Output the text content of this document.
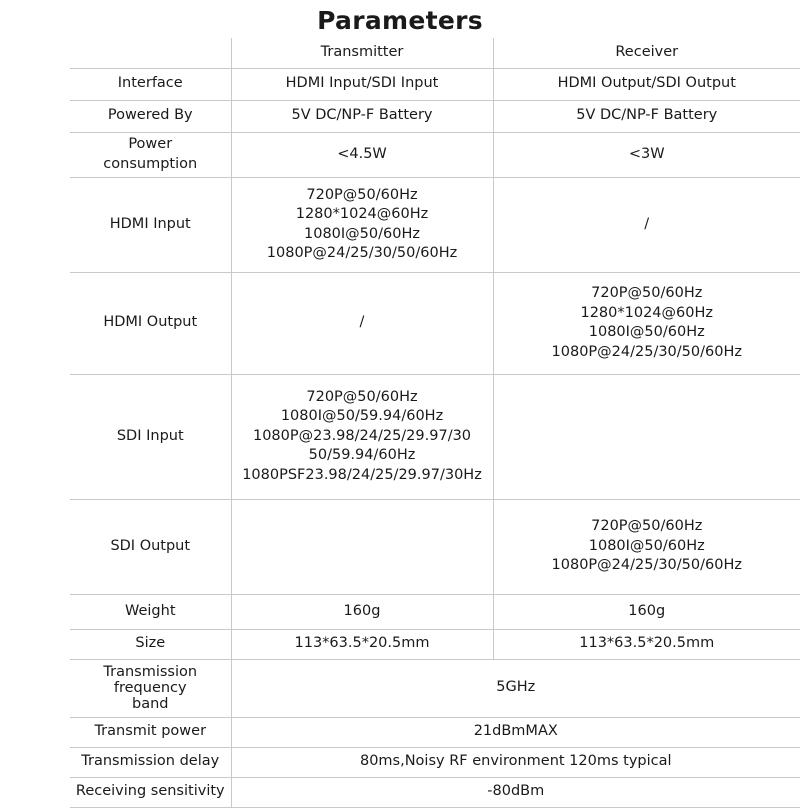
Parameters
	Transmitter	Receiver
Interface	HDMI Input/SDI Input	HDMI Output/SDI Output
Powered By	5V DC/NP-F Battery	5V DC/NP-F Battery

Power
consumption	<4.5W	<3W
HDMI Input	720P@50/60Hz
1280*1024@60Hz
1080I@50/60Hz
1080P@24/25/30/50/60Hz	/
HDMI Output	/	720P@50/60Hz
1280*1024@60Hz
1080I@50/60Hz
1080P@24/25/30/50/60Hz

SDI Input	720P@50/60Hz
1080I@50/59.94/60Hz
1080P@23.98/24/25/29.97/30
50/59.94/60Hz
1080PSF23.98/24/25/29.97/30Hz	

SDI Output		720P@50/60Hz
1080I@50/60Hz
1080P@24/25/30/50/60Hz

Weight	160g	160g
Size	113*63.5*20.5mm	113*63.5*20.5mm

Transmission
frequency
band	5GHz	
Transmit power	21dBmMAX	
Transmission delay	80ms,Noisy RF environment 120ms typical	
Receiving sensitivity	-80dBm	
